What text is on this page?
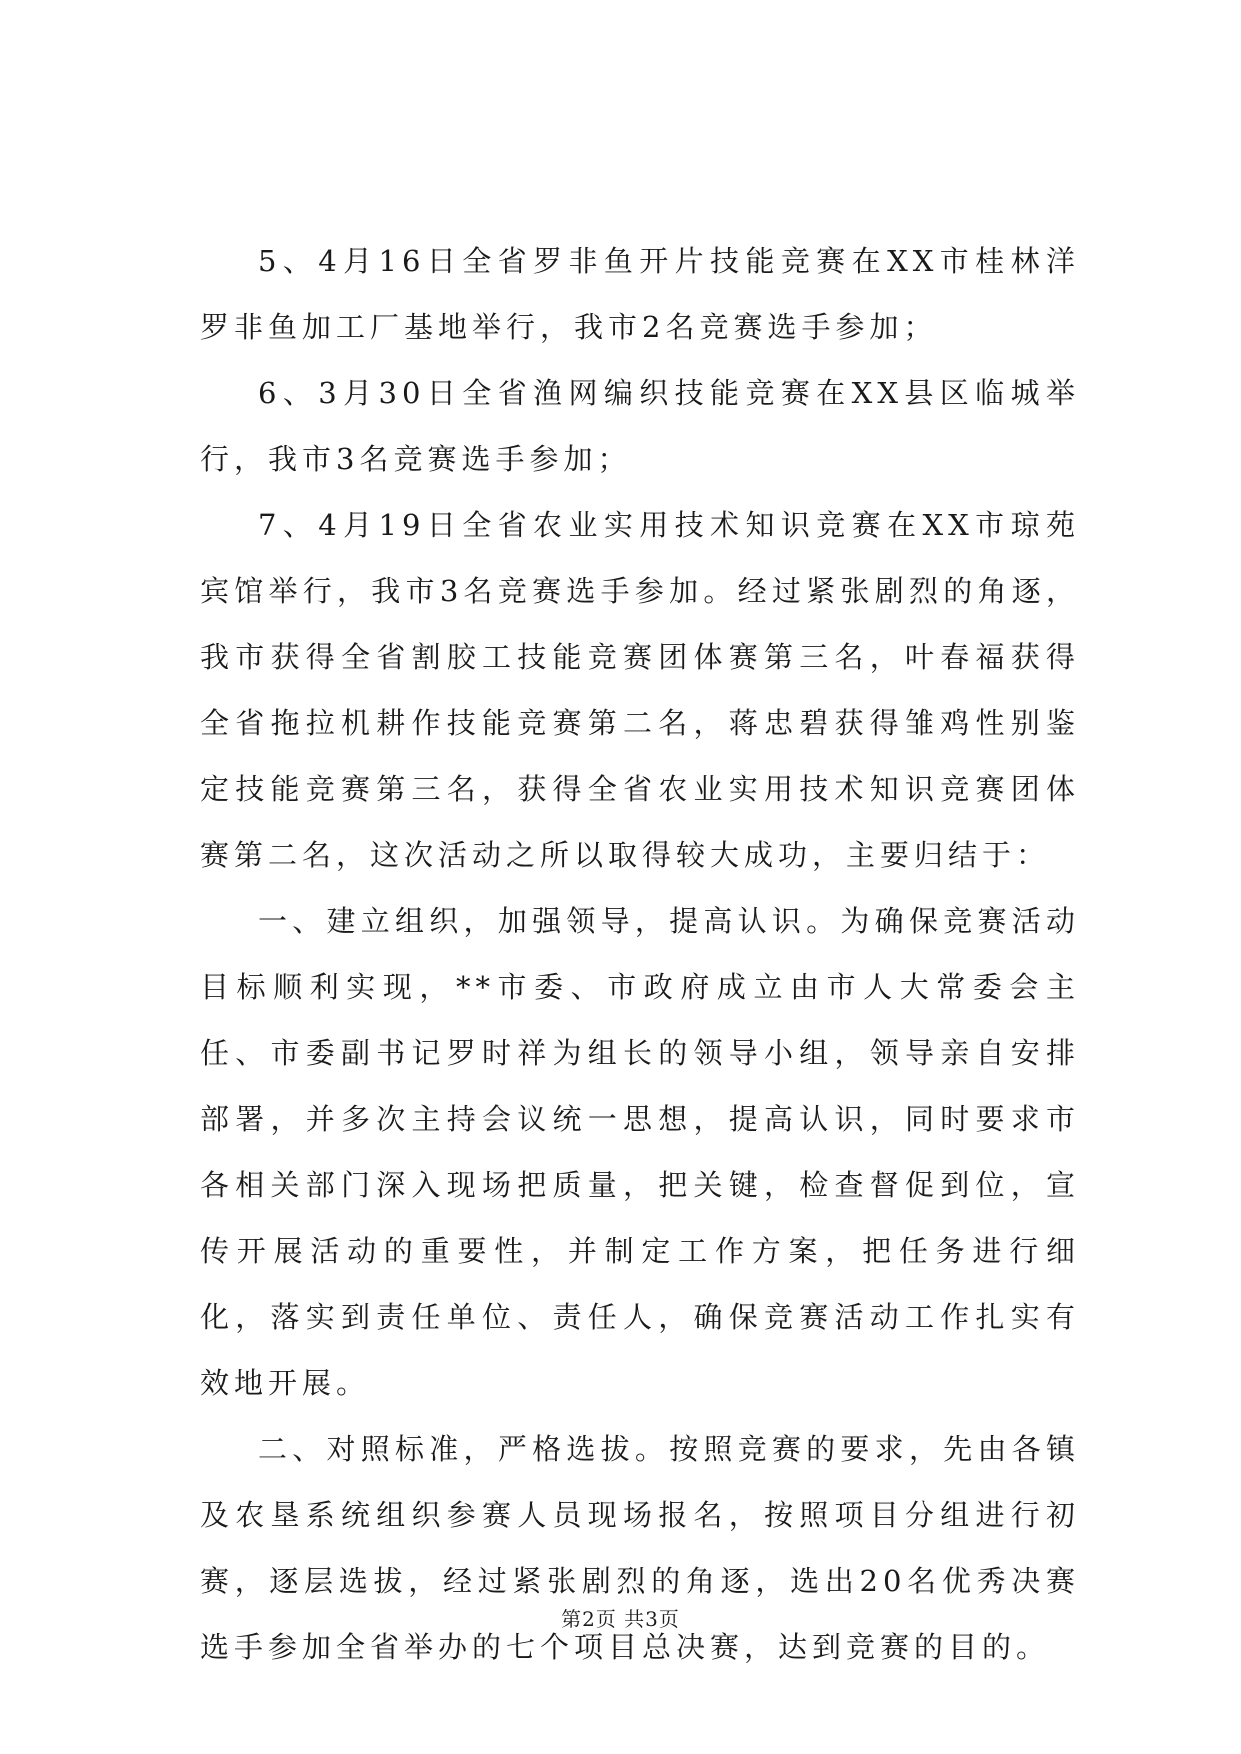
5、4月16日全省罗非鱼开片技能竞赛在XX市桂林洋罗非鱼加工厂基地举行，我市2名竞赛选手参加；

6、3月30日全省渔网编织技能竞赛在XX县区临城举行，我市3名竞赛选手参加；

7、4月19日全省农业实用技术知识竞赛在XX市琼苑宾馆举行，我市3名竞赛选手参加。经过紧张剧烈的角逐，我市获得全省割胶工技能竞赛团体赛第三名，叶春福获得全省拖拉机耕作技能竞赛第二名，蒋忠碧获得雏鸡性别鉴定技能竞赛第三名，获得全省农业实用技术知识竞赛团体赛第二名，这次活动之所以取得较大成功，主要归结于：

一、建立组织，加强领导，提高认识。为确保竞赛活动目标顺利实现，**市委、市政府成立由市人大常委会主任、市委副书记罗时祥为组长的领导小组，领导亲自安排部署，并多次主持会议统一思想，提高认识，同时要求市各相关部门深入现场把质量，把关键，检查督促到位，宣传开展活动的重要性，并制定工作方案，把任务进行细化，落实到责任单位、责任人，确保竞赛活动工作扎实有效地开展。

二、对照标准，严格选拔。按照竞赛的要求，先由各镇及农垦系统组织参赛人员现场报名，按照项目分组进行初赛，逐层选拔，经过紧张剧烈的角逐，选出20名优秀决赛选手参加全省举办的七个项目总决赛，达到竞赛的目的。

第2页 共3页
